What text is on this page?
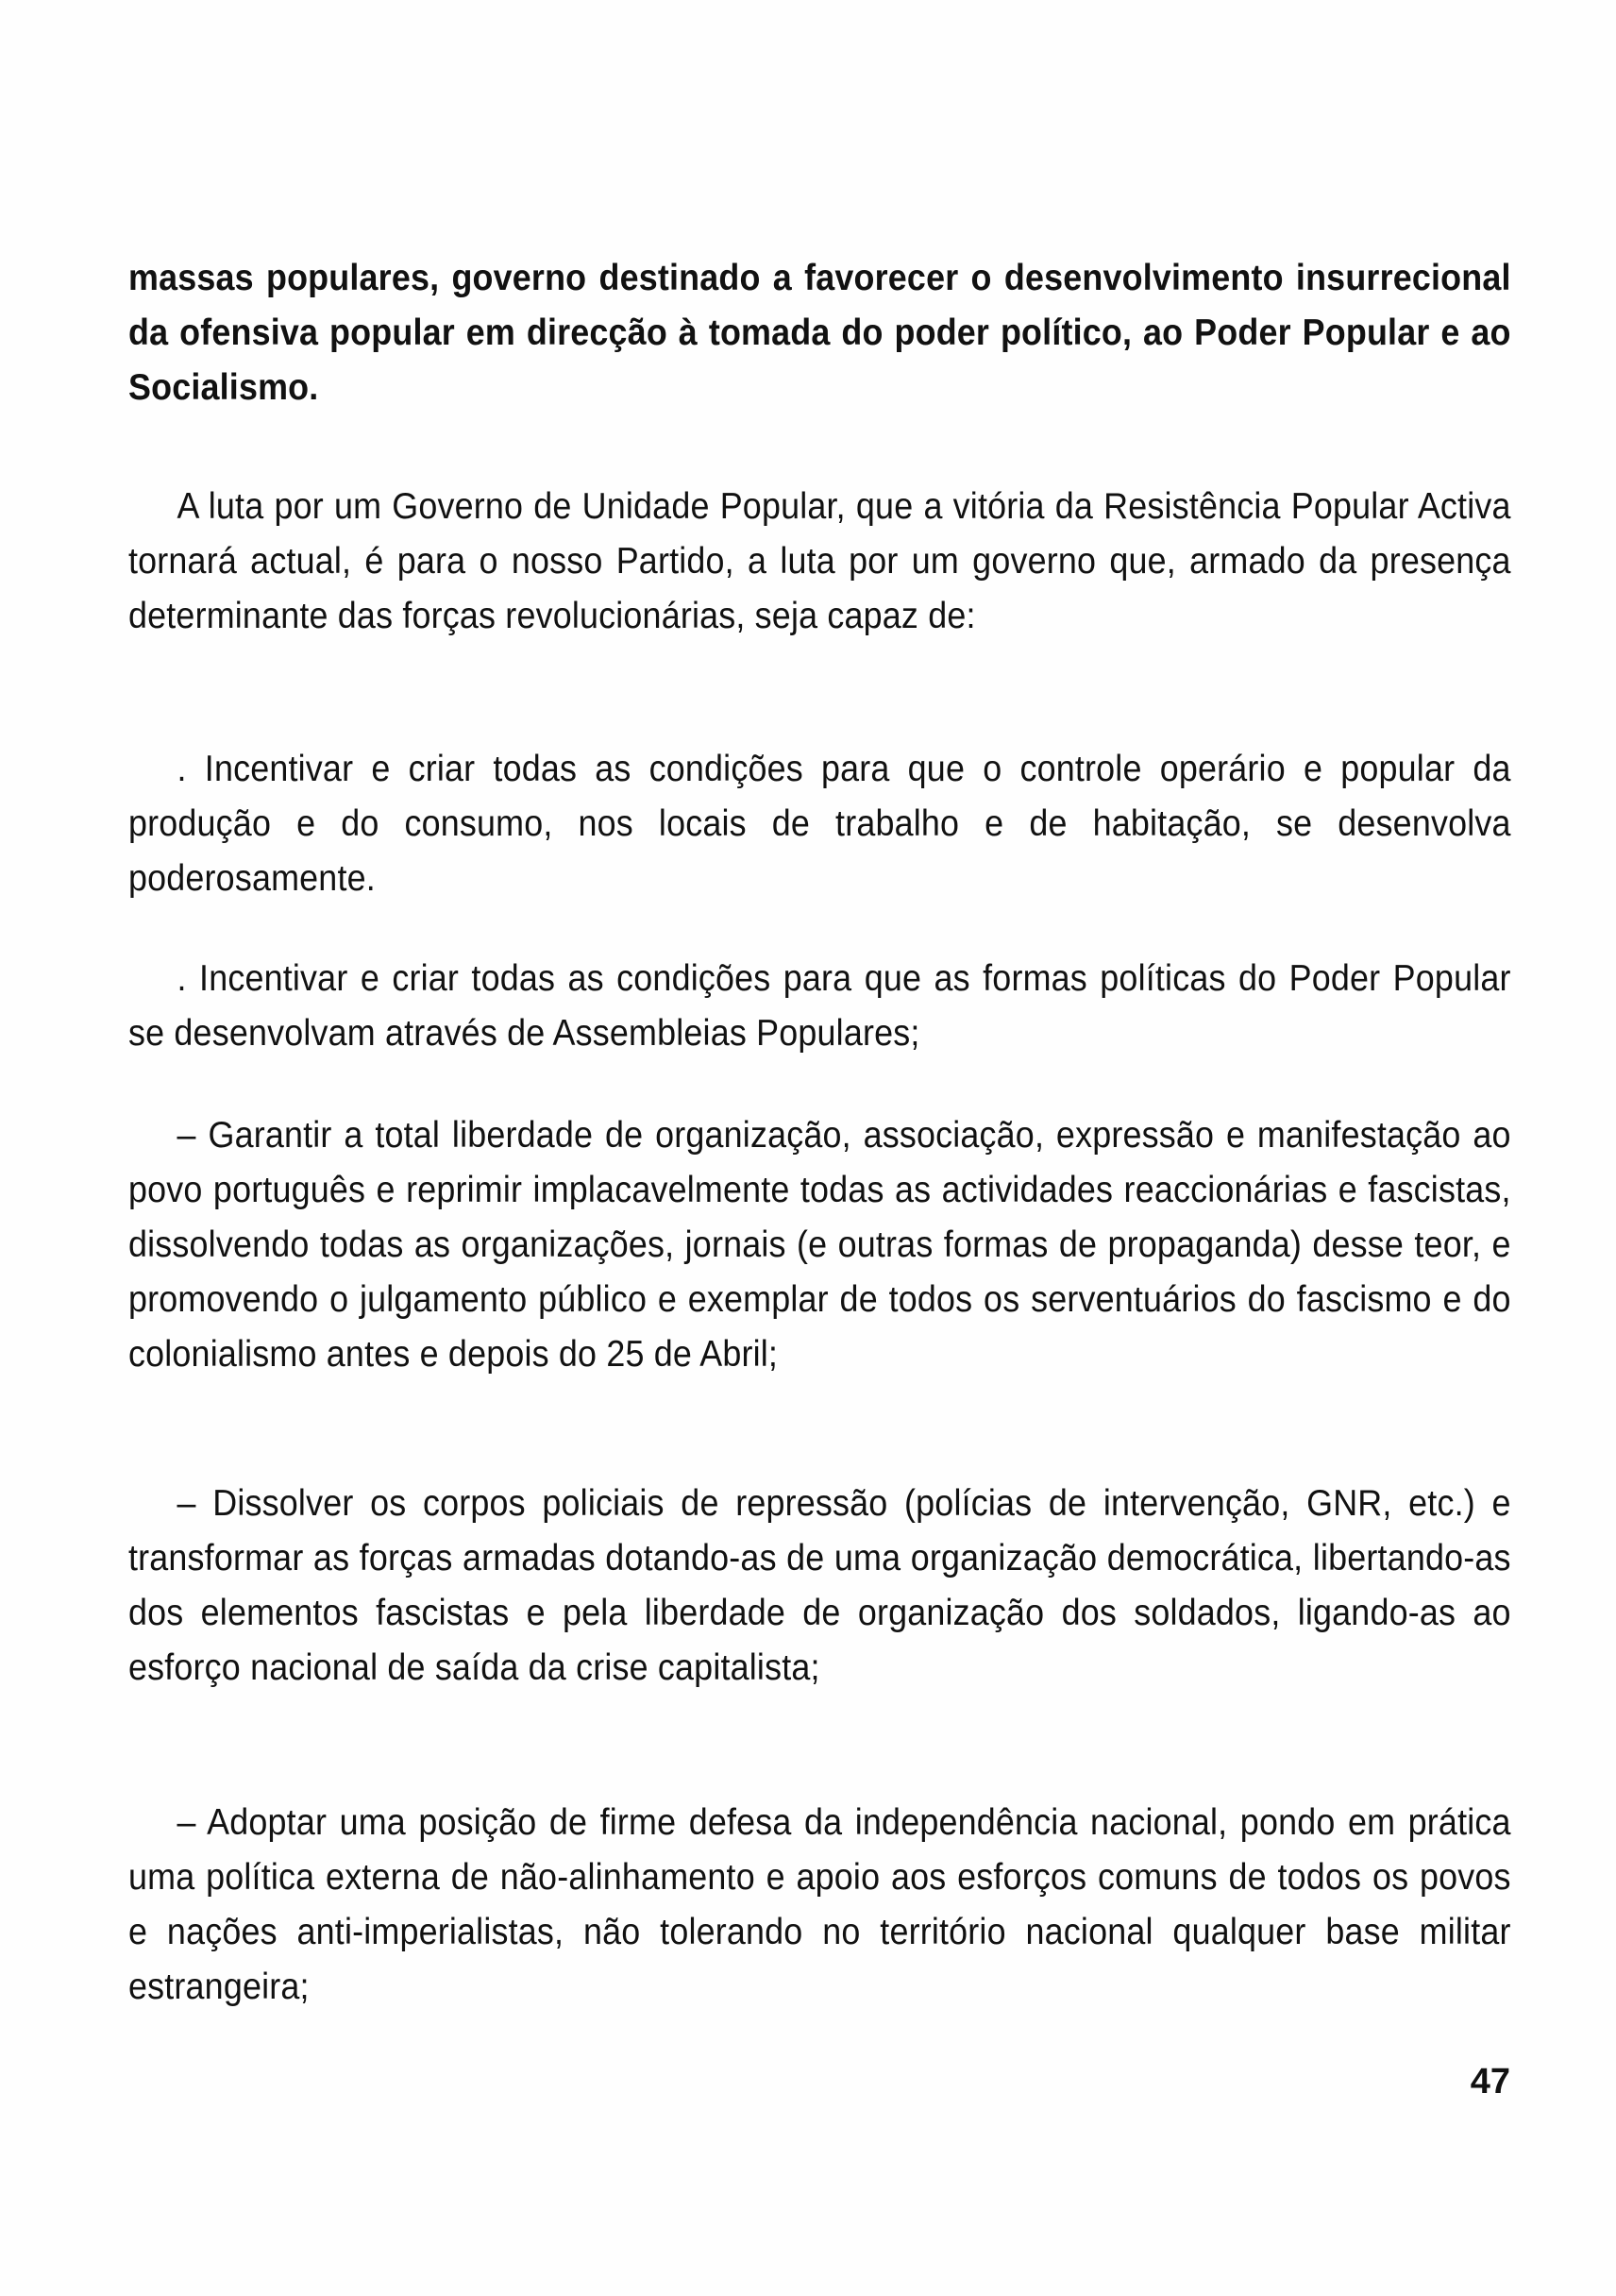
massas populares, governo destinado a favorecer o desenvolvimento insurrecional da ofensiva popular em direcção à tomada do poder político, ao Poder Popular e ao Socialismo.
A luta por um Governo de Unidade Popular, que a vitória da Resistência Popular Activa tornará actual, é para o nosso Partido, a luta por um governo que, armado da presença determinante das forças revolucionárias, seja capaz de:
. Incentivar e criar todas as condições para que o controle operário e popular da produção e do consumo, nos locais de trabalho e de habitação, se desenvolva poderosamente.
. Incentivar e criar todas as condições para que as formas políticas do Poder Popular se desenvolvam através de Assembleias Populares;
– Garantir a total liberdade de organização, associação, expressão e manifestação ao povo português e reprimir implacavelmente todas as actividades reaccionárias e fascistas, dissolvendo todas as organizações, jornais (e outras formas de propaganda) desse teor, e promovendo o julgamento público e exemplar de todos os serventuários do fascismo e do colonialismo antes e depois do 25 de Abril;
– Dissolver os corpos policiais de repressão (polícias de intervenção, GNR, etc.) e transformar as forças armadas dotando-as de uma organização democrática, libertando-as dos elementos fascistas e pela liberdade de organização dos soldados, ligando-as ao esforço nacional de saída da crise capitalista;
– Adoptar uma posição de firme defesa da independência nacional, pondo em prática uma política externa de não-alinhamento e apoio aos esforços comuns de todos os povos e nações anti-imperialistas, não tolerando no território nacional qualquer base militar estrangeira;
47
